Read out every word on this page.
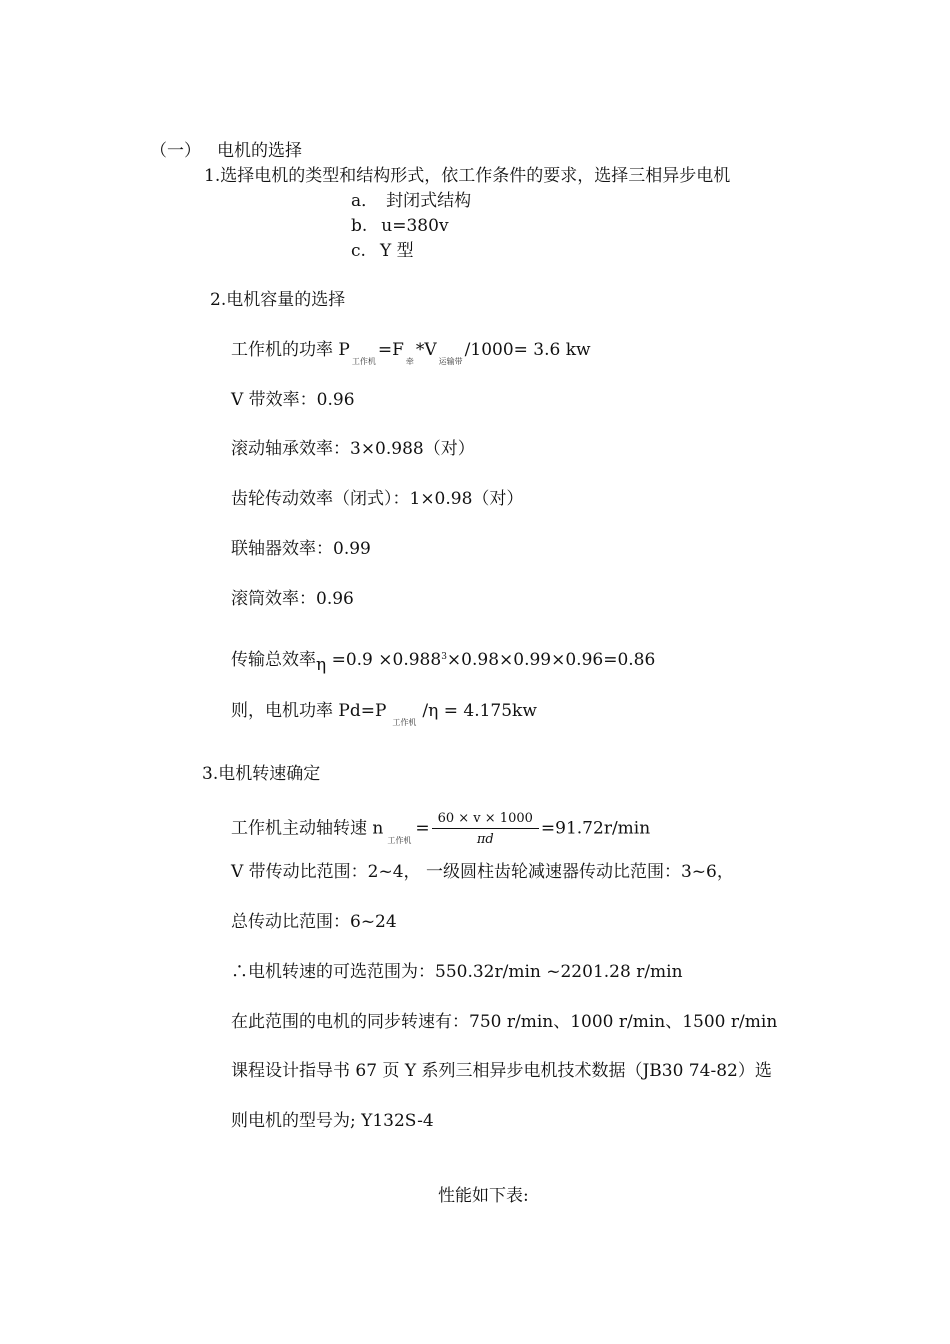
（一） 电机的选择
1.选择电机的类型和结构形式，依工作条件的要求，选择三相异步电机
a． 封闭式结构
b. u=380v
c. Y 型
2.电机容量的选择
工作机的功率 $P_{工作机}=F_牵*V_{运输带}/1000= 3.6$ kw
V 带效率：0.96
滚动轴承效率：3×0.988（对）
齿轮传动效率（闭式）：1×0.98（对）
联轴器效率：0.99
滚筒效率：0.96
传输总效率$\eta =0.9 \times 0.988^3\times 0.98\times 0.99\times 0.96=0.86$
则，电机功率 $Pd=P_{工作机}/\eta = 4.175kw$
3.电机转速确定
工作机主动轴转速 $n_{工作机}= \frac{60 \times v \times 1000}{\pi d} =91.72r/\min$
V 带传动比范围：2~4， 一级圆柱齿轮减速器传动比范围：3~6，
总传动比范围：6~24
∴电机转速的可选范围为：550.32r/min ~2201.28 r/min
在此范围的电机的同步转速有：750 r/min、1000 r/min、1500 r/min
课程设计指导书 67 页 Y 系列三相异步电机技术数据（JB30 74-82）选
则电机的型号为; Y132S-4
性能如下表:
